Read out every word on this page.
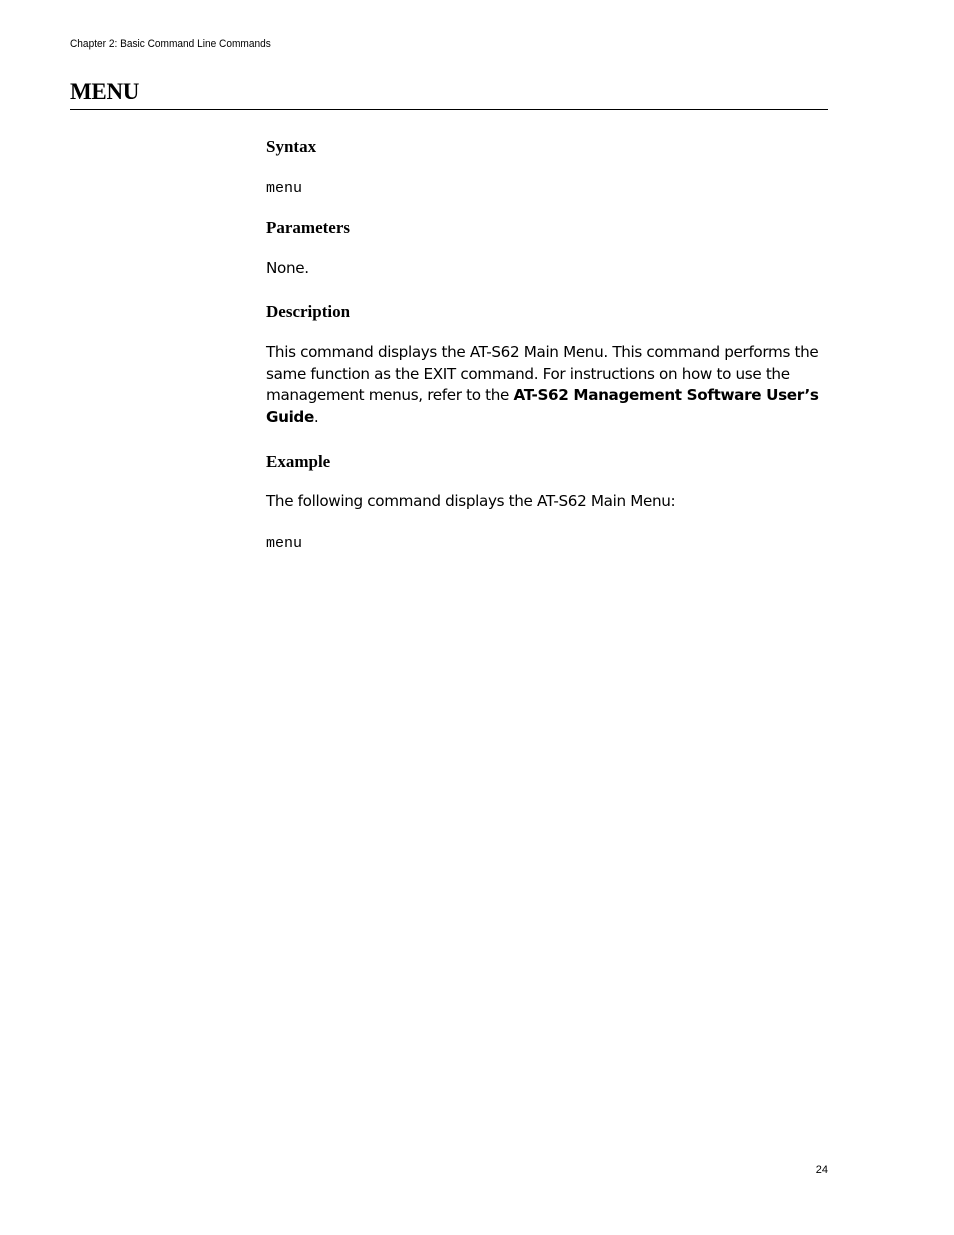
Chapter 2: Basic Command Line Commands
MENU
Syntax
menu
Parameters

None.

Description

This command displays the AT-S62 Main Menu. This command performs the same function as the EXIT command. For instructions on how to use the management menus, refer to the AT-S62 Management Software User’s Guide.

Example

The following command displays the AT-S62 Main Menu:

menu
24
